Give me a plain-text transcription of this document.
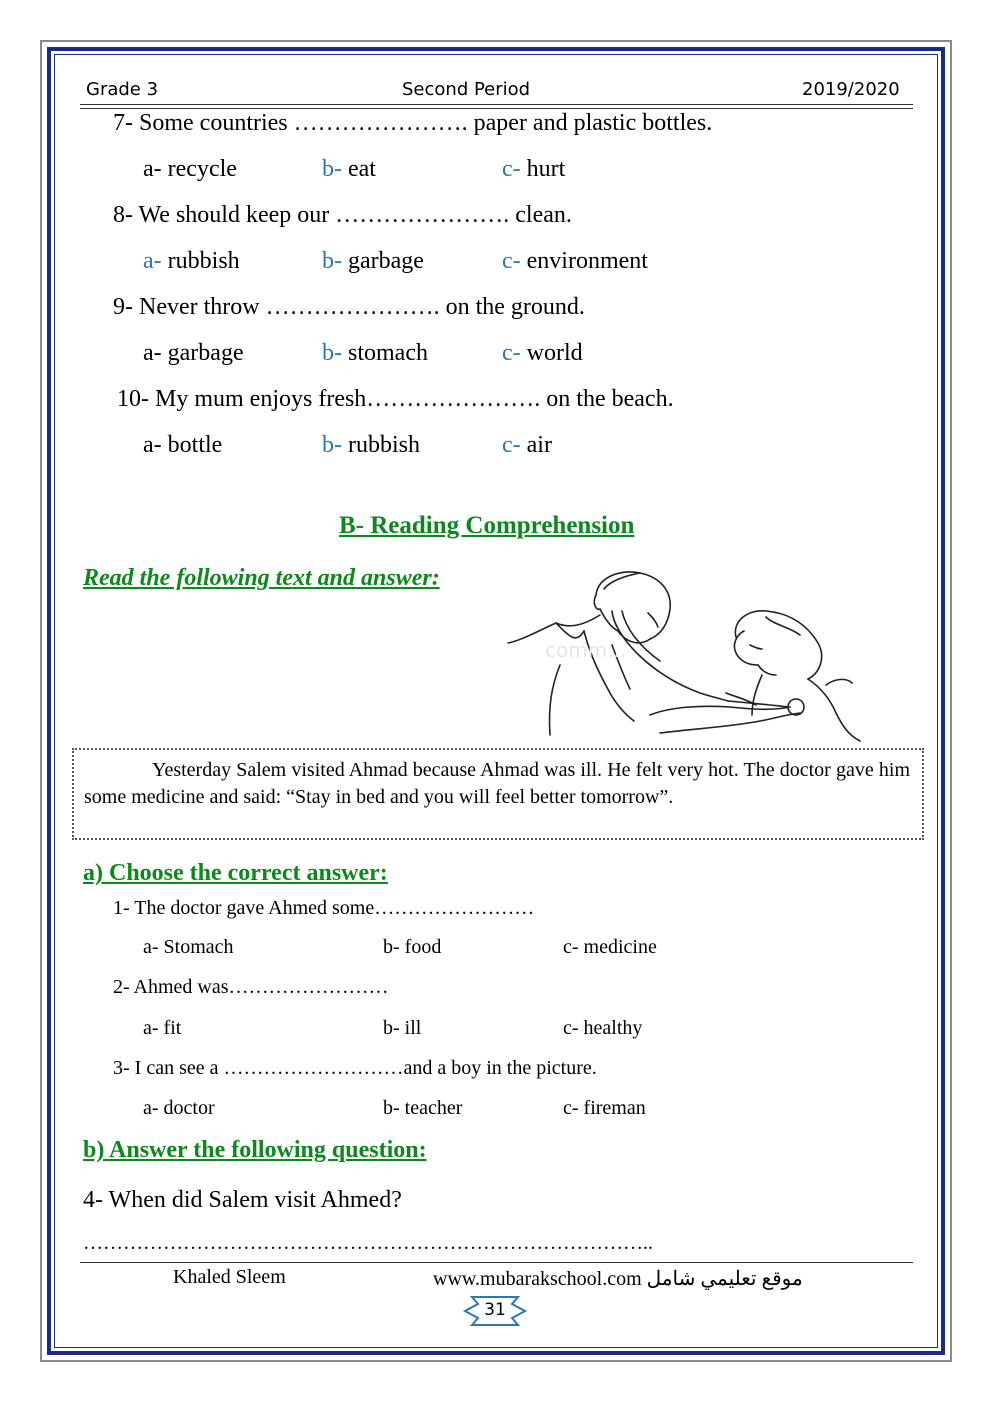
Grade 3	Second Period	2019/2020
7- Some countries …………………. paper and plastic bottles.
a- recycle	b- eat	c- hurt
8- We should keep our …………………. clean.
a- rubbish	b- garbage	c- environment
9- Never throw …………………. on the ground.
a- garbage	b- stomach	c- world
10- My mum enjoys fresh…………………. on the beach.
a- bottle	b- rubbish	c- air
B- Reading Comprehension
Read the following text and answer:
comm...
Yesterday Salem visited Ahmad because Ahmad was ill. He felt very hot. The doctor gave him some medicine and said: “Stay in bed and you will feel better tomorrow”.
a) Choose the correct answer:
1- The doctor gave Ahmed some……………………
a- Stomach	b- food	c- medicine
2- Ahmed was……………………
a- fit	b- ill	c- healthy
3- I can see a ………………………and a boy in the picture.
a- doctor	b- teacher	c- fireman
b) Answer the following question:
4- When did Salem visit Ahmed?
…………………………………………………………………………..
Khaled Sleem	www.mubarakschool.com موقع تعليمي شامل
31
